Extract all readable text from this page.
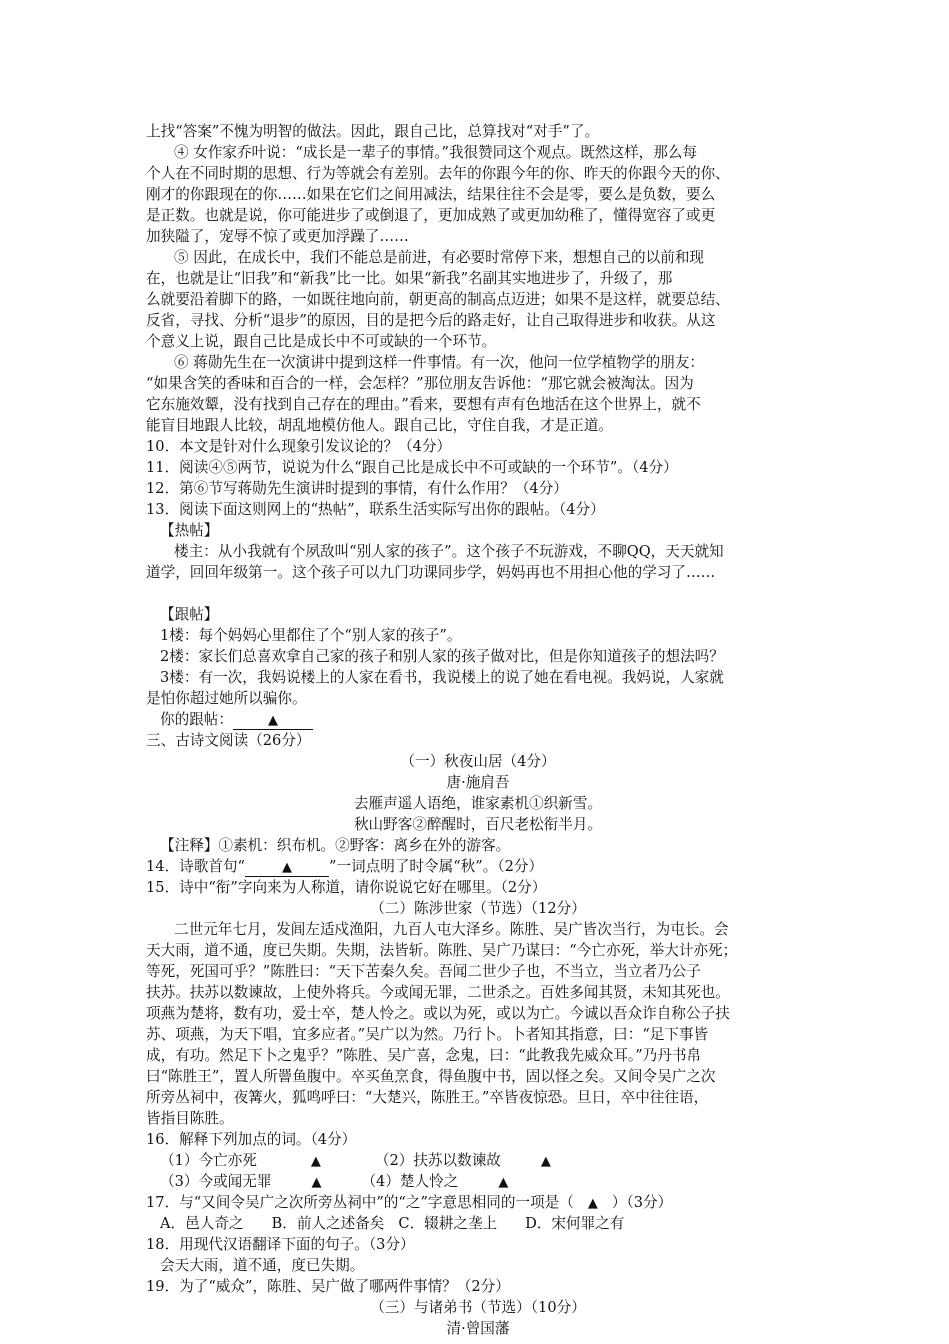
上找“答案”不愧为明智的做法。因此，跟自己比，总算找对“对手”了。
④ 女作家乔叶说：“成长是一辈子的事情。”我很赞同这个观点。既然这样，那么每
个人在不同时期的思想、行为等就会有差别。去年的你跟今年的你、昨天的你跟今天的你、
刚才的你跟现在的你……如果在它们之间用减法，结果往往不会是零，要么是负数，要么
是正数。也就是说，你可能进步了或倒退了，更加成熟了或更加幼稚了，懂得宽容了或更
加狭隘了，宠辱不惊了或更加浮躁了……
⑤ 因此，在成长中，我们不能总是前进，有必要时常停下来，想想自己的以前和现
在，也就是让“旧我”和“新我”比一比。如果“新我”名副其实地进步了，升级了，那
么就要沿着脚下的路，一如既往地向前，朝更高的制高点迈进；如果不是这样，就要总结、
反省，寻找、分析“退步”的原因，目的是把今后的路走好，让自己取得进步和收获。从这
个意义上说，跟自己比是成长中不可或缺的一个环节。
⑥ 蒋勋先生在一次演讲中提到这样一件事情。有一次，他问一位学植物学的朋友：
“如果含笑的香味和百合的一样，会怎样？”那位朋友告诉他：“那它就会被淘汰。因为
它东施效颦，没有找到自己存在的理由。”看来，要想有声有色地活在这个世界上，就不
能盲目地跟人比较，胡乱地模仿他人。跟自己比，守住自我，才是正道。
10．本文是针对什么现象引发议论的？（4分）
11．阅读④⑤两节，说说为什么“跟自己比是成长中不可或缺的一个环节”。（4分）
12．第⑥节写蒋勋先生演讲时提到的事情，有什么作用？（4分）
13．阅读下面这则网上的“热帖”，联系生活实际写出你的跟帖。（4分）
【热帖】
楼主：从小我就有个夙敌叫“别人家的孩子”。这个孩子不玩游戏，不聊QQ，天天就知
道学，回回年级第一。这个孩子可以九门功课同步学，妈妈再也不用担心他的学习了……
【跟帖】
1楼：每个妈妈心里都住了个“别人家的孩子”。
2楼：家长们总喜欢拿自己家的孩子和别人家的孩子做对比，但是你知道孩子的想法吗？
3楼：有一次，我妈说楼上的人家在看书，我说楼上的说了她在看电视。我妈说，人家就
是怕你超过她所以骗你。
你的跟帖：	▲
三、古诗文阅读（26分）
（一）秋夜山居（4分）
唐·施肩吾
去雁声遥人语绝，谁家素机①织新雪。
秋山野客②醉醒时，百尺老松衔半月。
【注释】①素机：织布机。②野客：离乡在外的游客。
14．诗歌首句“	▲	”一词点明了时令属“秋”。（2分）
15．诗中“衔”字向来为人称道，请你说说它好在哪里。（2分）
（二）陈涉世家（节选）（12分）
二世元年七月，发闾左适戍渔阳，九百人屯大泽乡。陈胜、吴广皆次当行，为屯长。会
天大雨，道不通，度已失期。失期，法皆斩。陈胜、吴广乃谋曰：“今亡亦死，举大计亦死；
等死，死国可乎？”陈胜曰：“天下苦秦久矣。吾闻二世少子也，不当立，当立者乃公子
扶苏。扶苏以数谏故，上使外将兵。今或闻无罪，二世杀之。百姓多闻其贤，未知其死也。
项燕为楚将，数有功，爱士卒，楚人怜之。或以为死，或以为亡。今诚以吾众诈自称公子扶
苏、项燕，为天下唱，宜多应者。”吴广以为然。乃行卜。卜者知其指意，曰：“足下事皆
成，有功。然足下卜之鬼乎？”陈胜、吴广喜，念鬼，曰：“此教我先威众耳。”乃丹书帛
曰“陈胜王”，置人所罾鱼腹中。卒买鱼烹食，得鱼腹中书，固以怪之矣。又间令吴广之次
所旁丛祠中，夜篝火，狐鸣呼曰：“大楚兴，陈胜王。”卒皆夜惊恐。旦日，卒中往往语，
皆指目陈胜。
16．解释下列加点的词。（4分）
（1）今亡亦死	▲	（2）扶苏以数谏故	▲
（3）今或闻无罪	▲	（4）楚人怜之	▲
17．与“又间令吴广之次所旁丛祠中”的“之”字意思相同的一项是（ ▲ ）（3分）
A．邑人奇之 B．前人之述备矣 C．辍耕之垄上 D．宋何罪之有
18．用现代汉语翻译下面的句子。（3分）
会天大雨，道不通，度已失期。
19．为了“威众”，陈胜、吴广做了哪两件事情？（2分）
（三）与诸弟书（节选）（10分）
清·曾国藩
